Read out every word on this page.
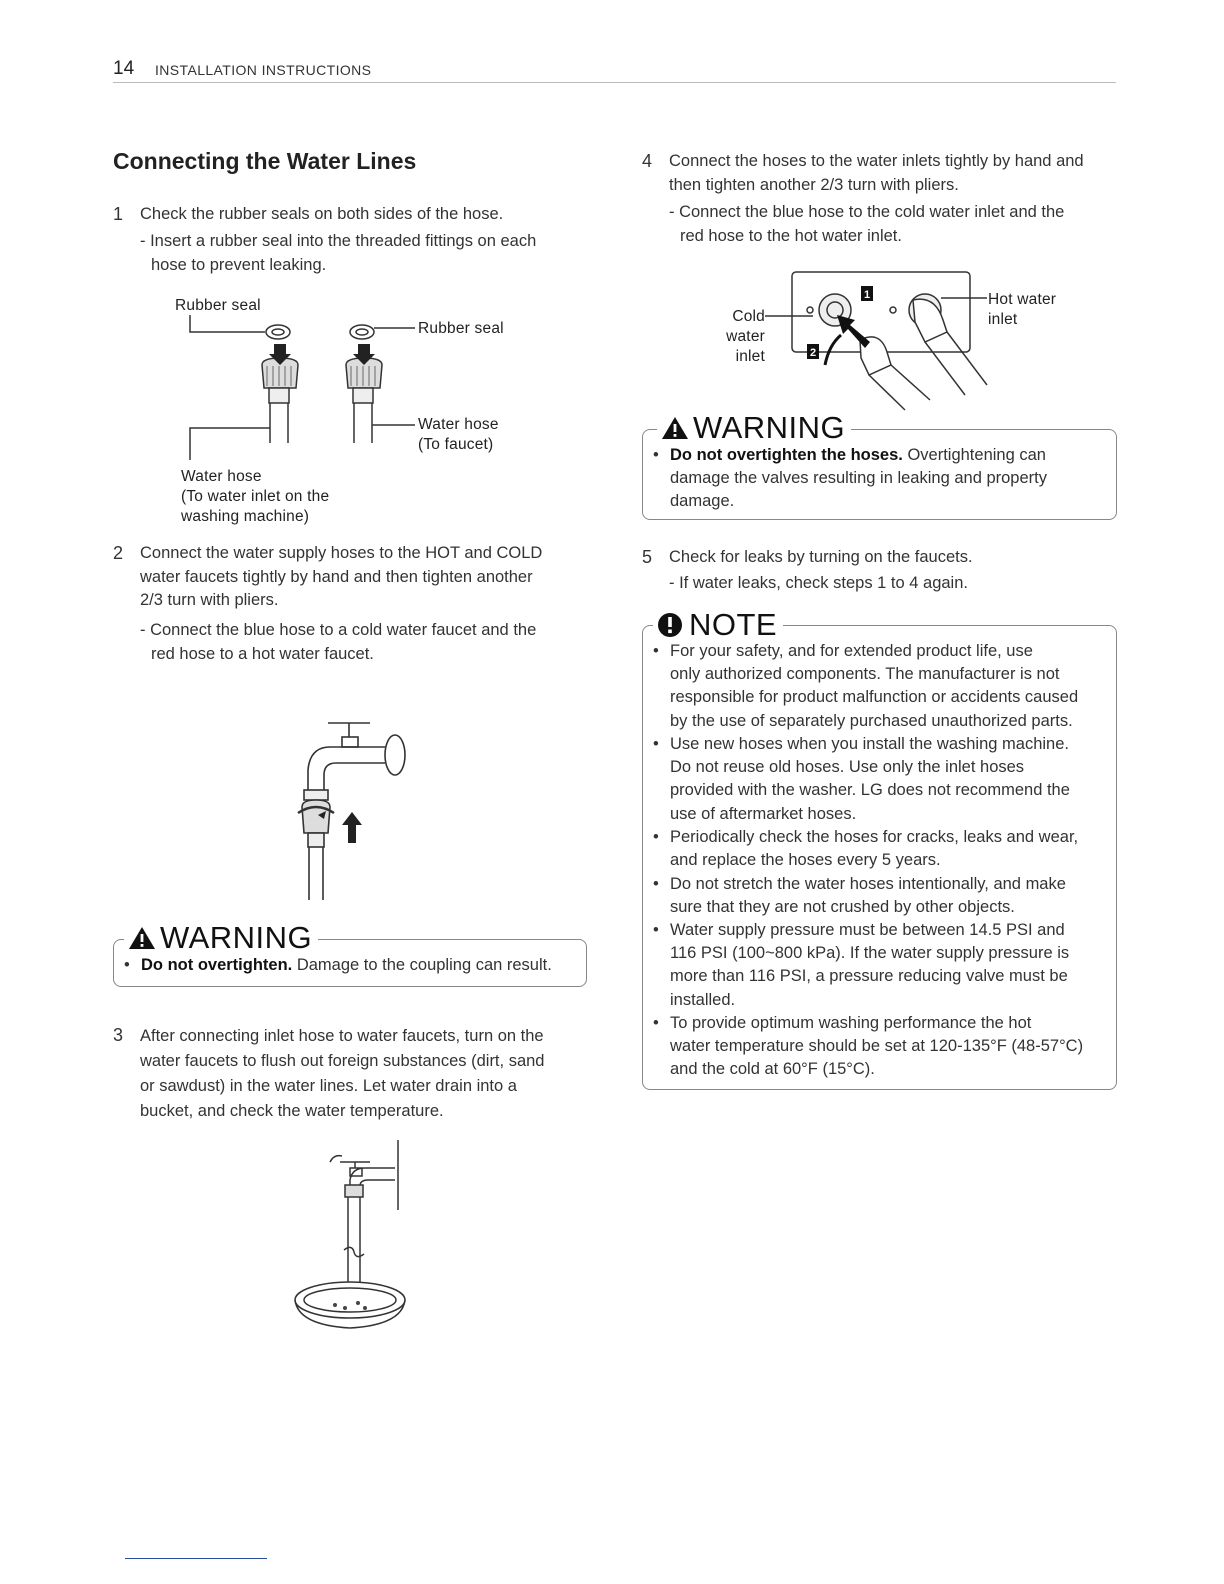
14 INSTALLATION INSTRUCTIONS
Connecting the Water Lines
1 Check the rubber seals on both sides of the hose.
- Insert a rubber seal into the threaded fittings on each
hose to prevent leaking.
Rubber seal
Rubber seal
Water hose
(To faucet)
Water hose
(To water inlet on the
washing machine)
2 Connect the water supply hoses to the HOT and COLD
water faucets tightly by hand and then tighten another
2/3 turn with pliers.
- Connect the blue hose to a cold water faucet and the
red hose to a hot water faucet.
WARNING
• Do not overtighten. Damage to the coupling can result.
3 After connecting inlet hose to water faucets, turn on the
water faucets to flush out foreign substances (dirt, sand
or sawdust) in the water lines. Let water drain into a
bucket, and check the water temperature.
4 Connect the hoses to the water inlets tightly by hand and
then tighten another 2/3 turn with pliers.
- Connect the blue hose to the cold water inlet and the
red hose to the hot water inlet.
Cold
water
inlet
Hot water
inlet
1
2
WARNING
• Do not overtighten the hoses. Overtightening can
damage the valves resulting in leaking and property
damage.
5 Check for leaks by turning on the faucets.
- If water leaks, check steps 1 to 4 again.
NOTE
• For your safety, and for extended product life, use
only authorized components. The manufacturer is not
responsible for product malfunction or accidents caused
by the use of separately purchased unauthorized parts.
• Use new hoses when you install the washing machine.
Do not reuse old hoses. Use only the inlet hoses
provided with the washer. LG does not recommend the
use of aftermarket hoses.
• Periodically check the hoses for cracks, leaks and wear,
and replace the hoses every 5 years.
• Do not stretch the water hoses intentionally, and make
sure that they are not crushed by other objects.
• Water supply pressure must be between 14.5 PSI and
116 PSI (100~800 kPa). If the water supply pressure is
more than 116 PSI, a pressure reducing valve must be
installed.
• To provide optimum washing performance the hot
water temperature should be set at 120-135°F (48-57°C)
and the cold at 60°F (15°C).
